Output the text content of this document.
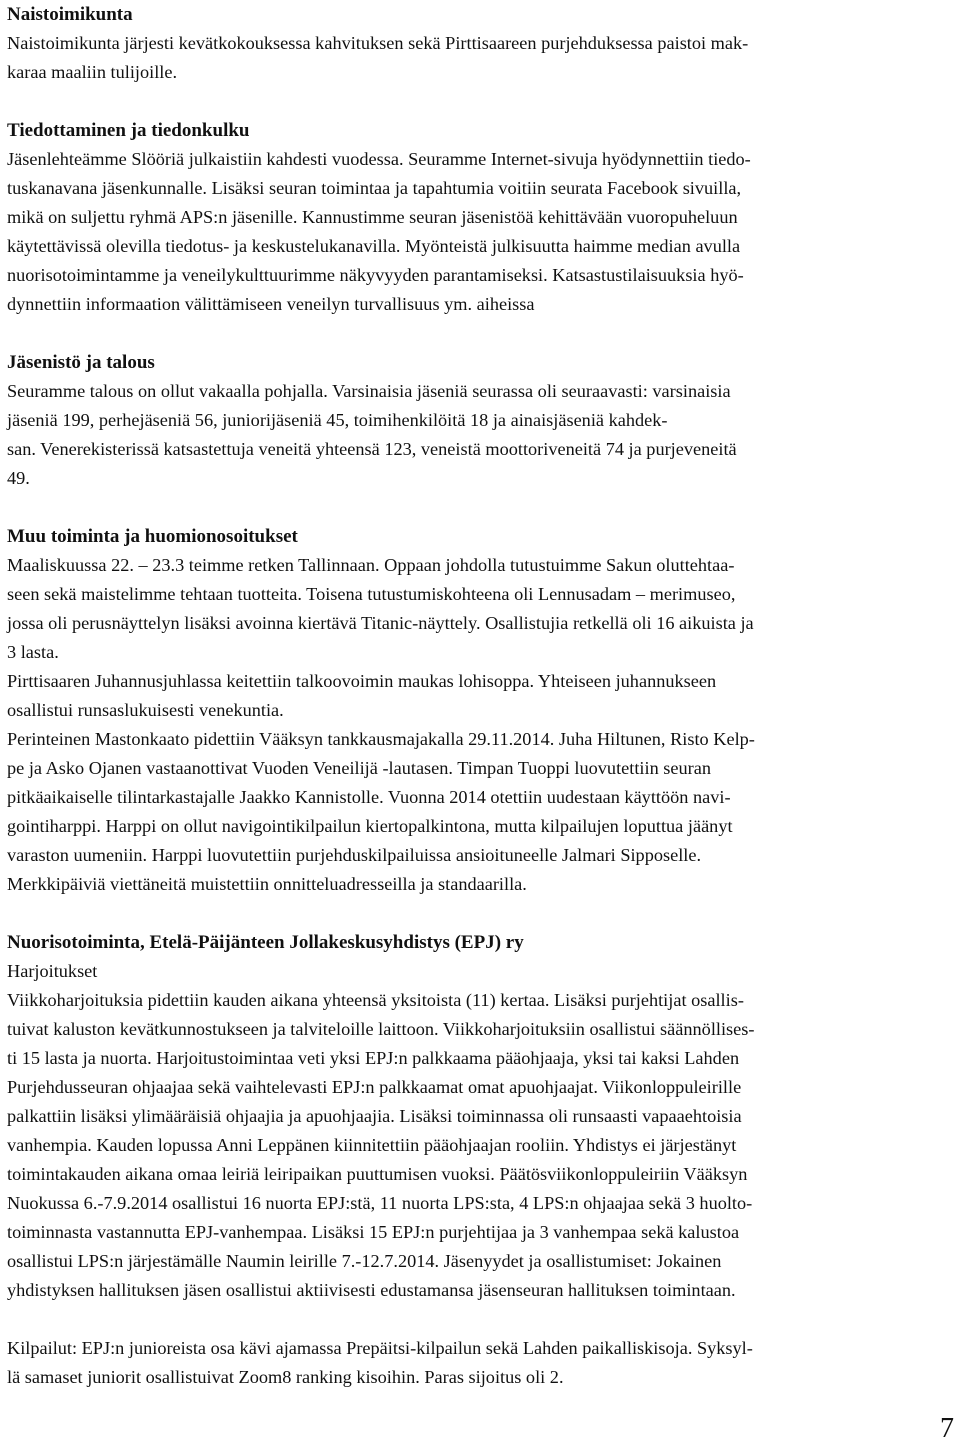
Naistoimikunta

Naistoimikunta järjesti kevätkokouksessa kahvituksen sekä Pirttisaareen purjehduksessa paistoi mak-

karaa maaliin tulijoille.

Tiedottaminen ja tiedonkulku

Jäsenlehteämme Slööriä julkaistiin kahdesti vuodessa. Seuramme Internet-sivuja hyödynnettiin tiedo-

tuskanavana jäsenkunnalle. Lisäksi seuran toimintaa ja tapahtumia voitiin seurata Facebook sivuilla,

mikä on suljettu ryhmä APS:n jäsenille. Kannustimme seuran jäsenistöä kehittävään vuoropuheluun

käytettävissä olevilla tiedotus- ja keskustelukanavilla. Myönteistä julkisuutta haimme median avulla

nuorisotoimintamme ja veneilykulttuurimme näkyvyyden parantamiseksi. Katsastustilaisuuksia hyö-

dynnettiin informaation välittämiseen veneilyn turvallisuus ym. aiheissa

Jäsenistö ja talous

Seuramme talous on ollut vakaalla pohjalla. Varsinaisia jäseniä seurassa oli seuraavasti: varsinaisia

jäseniä 199, perhejäseniä 56, juniorijäseniä 45, toimihenkilöitä 18 ja ainaisjäseniä kahdek-

san. Venerekisterissä katsastettuja veneitä yhteensä 123, veneistä moottoriveneitä 74 ja purjeveneitä

49.

Muu toiminta ja huomionosoitukset

Maaliskuussa 22. – 23.3 teimme retken Tallinnaan. Oppaan johdolla tutustuimme Sakun oluttehtaa-

seen sekä maistelimme tehtaan tuotteita. Toisena tutustumiskohteena oli Lennusadam – merimuseo,

jossa oli perusnäyttelyn lisäksi avoinna kiertävä Titanic-näyttely. Osallistujia retkellä oli 16 aikuista ja

3 lasta.

Pirttisaaren Juhannusjuhlassa keitettiin talkoovoimin maukas lohisoppa. Yhteiseen juhannukseen

osallistui runsaslukuisesti venekuntia.

Perinteinen Mastonkaato pidettiin Vääksyn tankkausmajakalla 29.11.2014. Juha Hiltunen, Risto Kelp-

pe ja Asko Ojanen vastaanottivat Vuoden Veneilijä -lautasen. Timpan Tuoppi luovutettiin seuran

pitkäaikaiselle tilintarkastajalle Jaakko Kannistolle. Vuonna 2014 otettiin uudestaan käyttöön navi-

gointiharppi. Harppi on ollut navigointikilpailun kiertopalkintona, mutta kilpailujen loputtua jäänyt

varaston uumeniin. Harppi luovutettiin purjehduskilpailuissa ansioituneelle Jalmari Sipposelle.

Merkkipäiviä viettäneitä muistettiin onnitteluadresseilla ja standaarilla.

Nuorisotoiminta, Etelä-Päijänteen Jollakeskusyhdistys (EPJ) ry

Harjoitukset

Viikkoharjoituksia pidettiin kauden aikana yhteensä yksitoista (11) kertaa. Lisäksi purjehtijat osallis-

tuivat kaluston kevätkunnostukseen ja talviteloille laittoon. Viikkoharjoituksiin osallistui säännöllises-

ti 15 lasta ja nuorta. Harjoitustoimintaa veti yksi EPJ:n palkkaama pääohjaaja, yksi tai kaksi Lahden

Purjehdusseuran ohjaajaa sekä vaihtelevasti EPJ:n palkkaamat omat apuohjaajat. Viikonloppuleirille

palkattiin lisäksi ylimääräisiä ohjaajia ja apuohjaajia. Lisäksi toiminnassa oli runsaasti vapaaehtoisia

vanhempia. Kauden lopussa Anni Leppänen kiinnitettiin pääohjaajan rooliin. Yhdistys ei järjestänyt

toimintakauden aikana omaa leiriä leiripaikan puuttumisen vuoksi. Päätösviikonloppuleiriin Vääksyn

Nuokussa 6.-7.9.2014 osallistui 16 nuorta EPJ:stä, 11 nuorta LPS:sta, 4 LPS:n ohjaajaa sekä 3 huolto-

toiminnasta vastannutta EPJ-vanhempaa. Lisäksi 15 EPJ:n purjehtijaa ja 3 vanhempaa sekä kalustoa

osallistui LPS:n järjestämälle Naumin leirille 7.-12.7.2014. Jäsenyydet ja osallistumiset: Jokainen

yhdistyksen hallituksen jäsen osallistui aktiivisesti edustamansa jäsenseuran hallituksen toimintaan.

Kilpailut: EPJ:n junioreista osa kävi ajamassa Prepäitsi-kilpailun sekä Lahden paikalliskisoja. Syksyl-

lä samaset juniorit osallistuivat Zoom8 ranking kisoihin. Paras sijoitus oli 2.

7
